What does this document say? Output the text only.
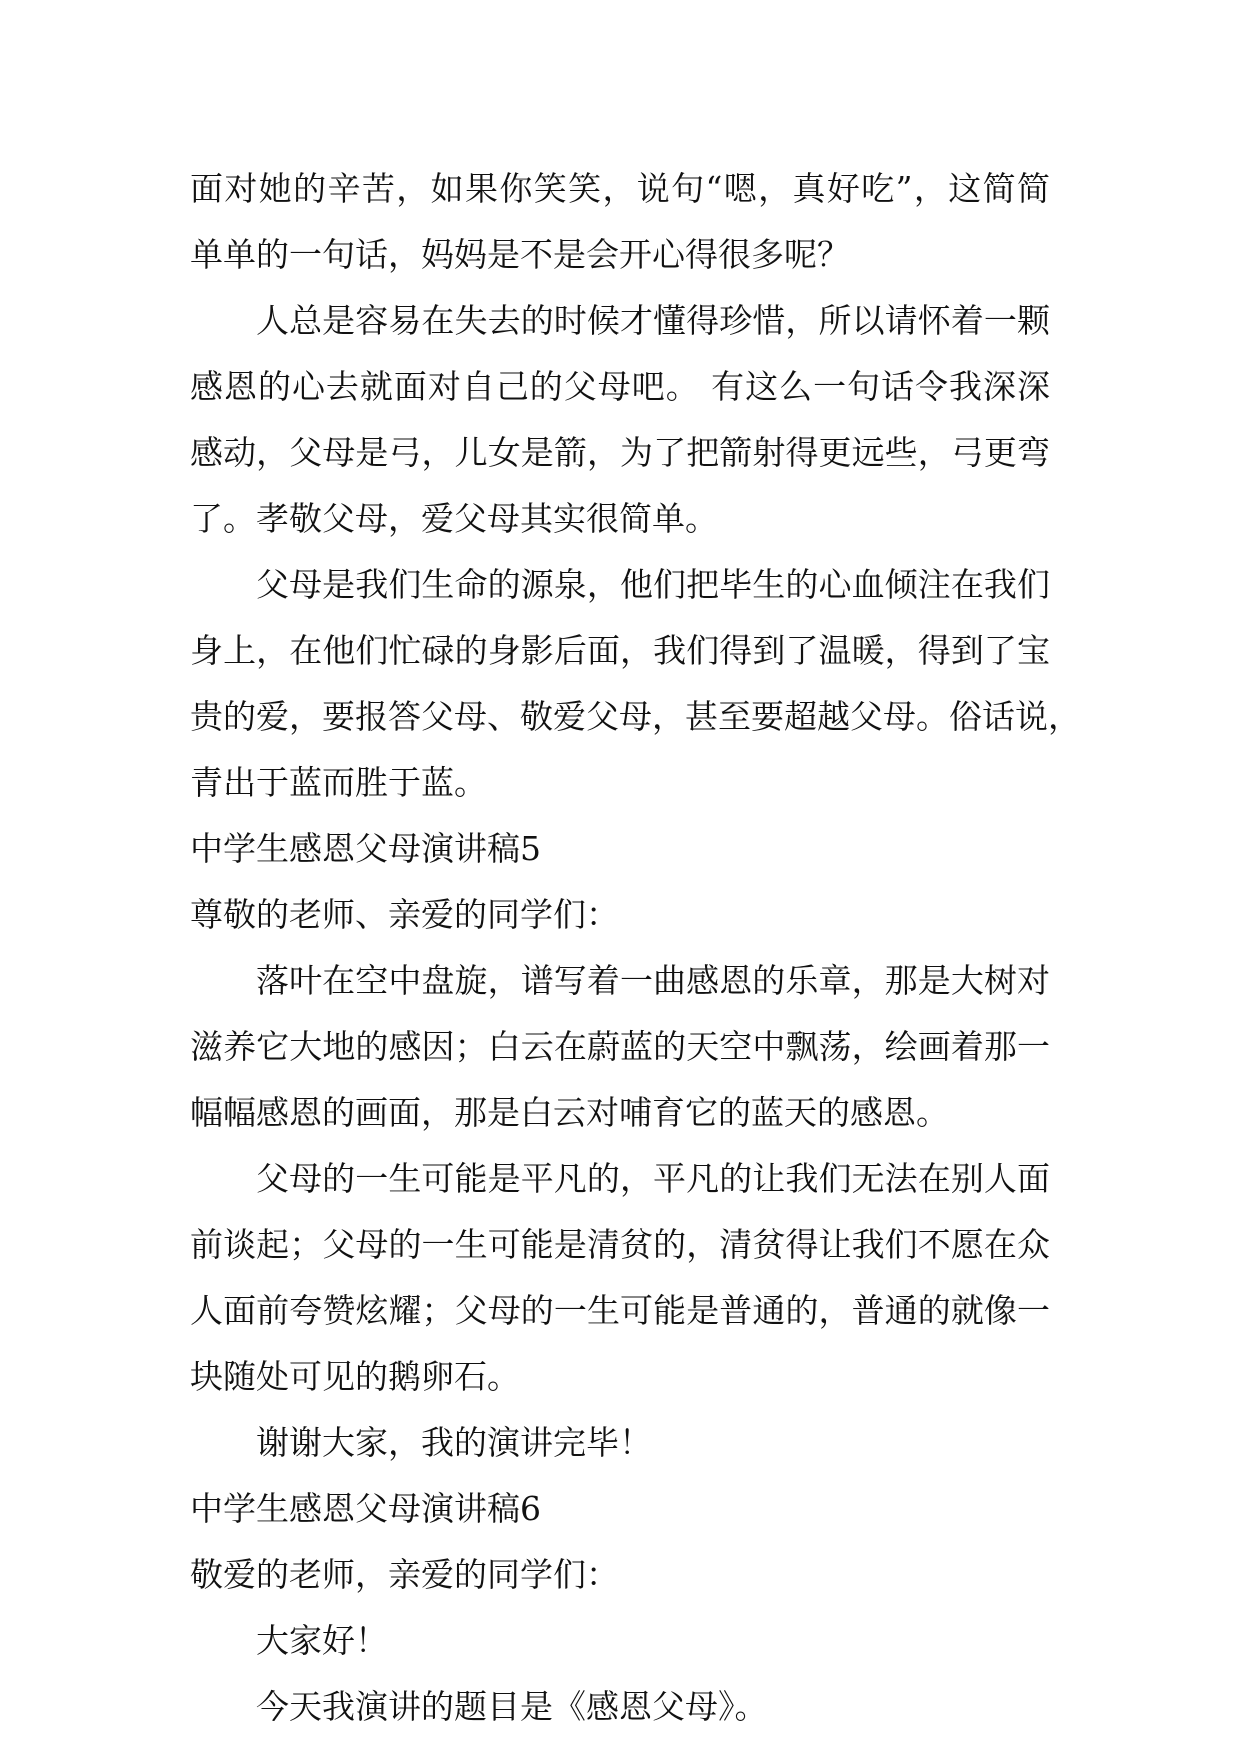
面对她的辛苦，如果你笑笑，说句“嗯，真好吃”，这简简
单单的一句话，妈妈是不是会开心得很多呢？
人总是容易在失去的时候才懂得珍惜，所以请怀着一颗
感恩的心去就面对自己的父母吧。 有这么一句话令我深深
感动，父母是弓，儿女是箭，为了把箭射得更远些，弓更弯
了。孝敬父母，爱父母其实很简单。
父母是我们生命的源泉，他们把毕生的心血倾注在我们
身上，在他们忙碌的身影后面，我们得到了温暖，得到了宝
贵的爱，要报答父母、敬爱父母，甚至要超越父母。俗话说，
青出于蓝而胜于蓝。
中学生感恩父母演讲稿5
尊敬的老师、亲爱的同学们：
落叶在空中盘旋，谱写着一曲感恩的乐章，那是大树对
滋养它大地的感因；白云在蔚蓝的天空中飘荡，绘画着那一
幅幅感恩的画面，那是白云对哺育它的蓝天的感恩。
父母的一生可能是平凡的，平凡的让我们无法在别人面
前谈起；父母的一生可能是清贫的，清贫得让我们不愿在众
人面前夸赞炫耀；父母的一生可能是普通的，普通的就像一
块随处可见的鹅卵石。
谢谢大家，我的演讲完毕！
中学生感恩父母演讲稿6
敬爱的老师，亲爱的同学们：
大家好！
今天我演讲的题目是《感恩父母》。
